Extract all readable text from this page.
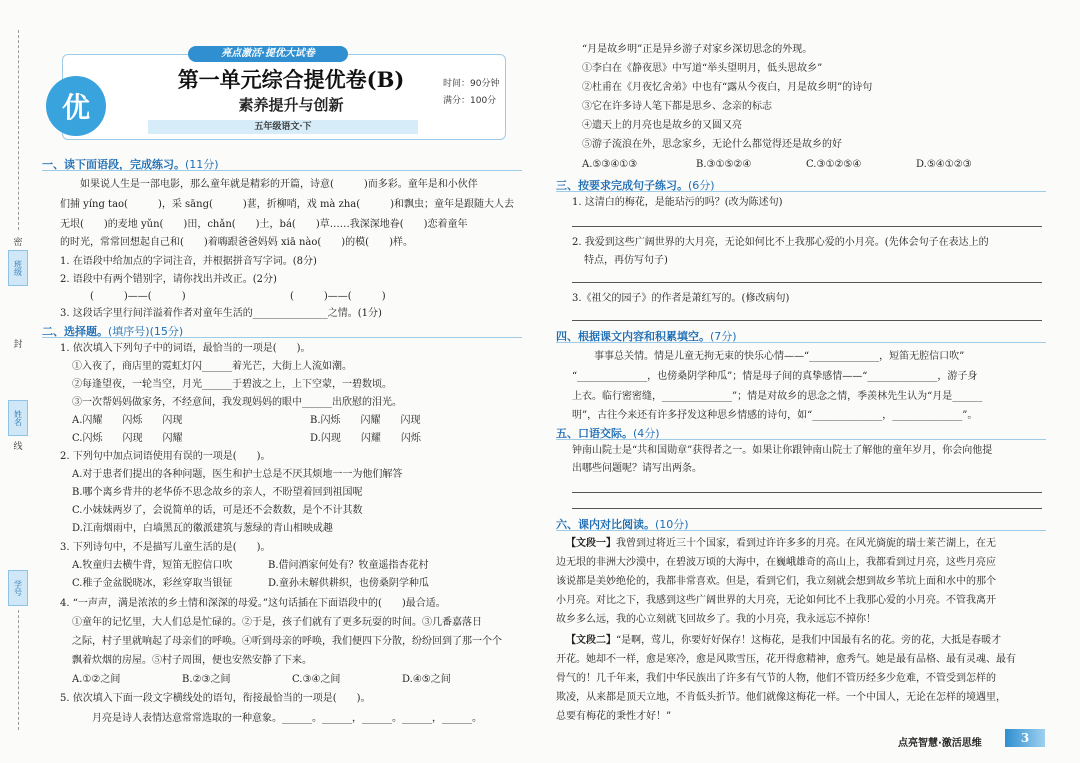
密
班级
封
姓名
线
学号
优
亮点激活·提优大试卷
第一单元综合提优卷(B)
素养提升与创新
五年级语文·下
时间：90分钟
满分：100分
一、读下面语段，完成练习。(11分)
如果说人生是一部电影，那么童年就是精彩的开篇，诗意(　　　)而多彩。童年是和小伙伴
们捕 yíng tao(　　　)，采 sāng(　　　)葚，折柳哨，戏 mà zha(　　　)和飘虫；童年是跟随大人去
无垠(　　)的麦地 yǔn(　　)田，chǎn(　　)土，bá(　　)草……我深深地眷(　　)恋着童年
的时光，常常回想起自己和(　　)着嗨跟爸爸妈妈 xiā nào(　　)的模(　　)样。
1. 在语段中给加点的字词注音，并根据拼音写字词。(8分)
2. 语段中有两个错别字，请你找出并改正。(2分)
(　　　)——(　　　)	(　　　)——(　　　)
3. 这段话字里行间洋溢着作者对童年生活的_______________之情。(1分)
二、选择题。(填序号)(15分)
1. 依次填入下列句子中的词语，最恰当的一项是(　　)。
①入夜了，商店里的霓虹灯闪______着光芒，大街上人流如潮。
②每逢望夜，一轮当空，月光______于碧波之上，上下空蒙，一碧数顷。
③一次帮妈妈做家务，不经意间，我发现妈妈的眼中______出欣慰的泪光。
A.闪耀　　闪烁　　闪现	B.闪烁　　闪耀　　闪现
C.闪烁　　闪现　　闪耀	D.闪现　　闪耀　　闪烁
2. 下列句中加点词语使用有误的一项是(　　)。
A.对于患者们提出的各种问题，医生和护士总是不厌其烦地一一为他们解答
B.哪个离乡背井的老华侨不思念故乡的亲人，不盼望着回到祖国呢
C.小妹妹两岁了，会说简单的话，可是还不会数数，是个不计其数
D.江南烟雨中，白墙黑瓦的徽派建筑与葱绿的青山相映成趣
3. 下列诗句中，不是描写儿童生活的是(　　)。
A.牧童归去横牛背，短笛无腔信口吹	B.借问酒家何处有？牧童遥指杏花村
C.稚子金盆脱晓冰，彩丝穿取当银钲	D.童孙未解供耕织，也傍桑阴学种瓜
4. “一声声，满是浓浓的乡土情和深深的母爱。”这句话插在下面语段中的(　　)最合适。
①童年的记忆里，大人们总是忙碌的。②于是，孩子们就有了更多玩耍的时间。③几番嘉落日
之际，村子里就响起了母亲们的呼唤。④听到母亲的呼唤，我们便四下分散，纷纷回到了那一个个
飘着炊烟的房屋。⑤村子周围，便也安然安静了下来。
A.①②之间	B.②③之间	C.③④之间	D.④⑤之间
5. 依次填入下面一段文字横线处的语句，衔接最恰当的一项是(　　)。
月亮是诗人表情达意常常选取的一种意象。______。______，______。______，______。
“月是故乡明”正是异乡游子对家乡深切思念的外现。
①李白在《静夜思》中写道“举头望明月，低头思故乡”
②杜甫在《月夜忆舍弟》中也有“露从今夜白，月是故乡明”的诗句
③它在许多诗人笔下都是思乡、念亲的标志
④遗天上的月亮也是故乡的又圆又亮
⑤游子流浪在外，思念家乡，无论什么都觉得还是故乡的好
A.⑤③④①③	B.③①⑤②④	C.③①②⑤④	D.⑤④①②③
三、按要求完成句子练习。(6分)
1. 这清白的梅花，是能玷污的吗？(改为陈述句)
2. 我爱到这些广阔世界的大月亮，无论如何比不上我那心爱的小月亮。(先体会句子在表达上的
特点，再仿写句子)
3.《祖父的园子》的作者是萧红写的。(修改病句)
四、根据课文内容和积累填空。(7分)
事事总关情。情是儿童无拘无束的快乐心情——“______________，短笛无腔信口吹”
“______________，也傍桑阴学种瓜”；情是母子间的真挚感情——“______________，游子身
上衣。临行密密缝，______________”；情是对故乡的思念之情，季羡林先生认为“月是______
明”，古往今来还有许多抒发这种思乡情感的诗句，如“______________，______________”。
五、口语交际。(4分)
钟南山院士是“共和国勋章”获得者之一。如果让你跟钟南山院士了解他的童年岁月，你会向他提
出哪些问题呢？请写出两条。
六、课内对比阅读。(10分)
【文段一】我曾到过将近三十个国家，看到过许许多多的月亮。在风光旖旎的瑞士莱芒湖上，在无
边无垠的非洲大沙漠中，在碧波万顷的大海中，在巍峨雄奇的高山上，我都看到过月亮，这些月亮应
该说都是美妙绝伦的，我都非常喜欢。但是，看到它们，我立刻就会想到故乡苇坑上面和水中的那个
小月亮。对比之下，我感到这些广阔世界的大月亮，无论如何比不上我那心爱的小月亮。不管我离开
故乡多么远，我的心立刻就飞回故乡了。我的小月亮，我永远忘不掉你！
【文段二】“是啊，莺儿，你要好好保存！这梅花，是我们中国最有名的花。旁的花，大抵是春暖才
开花。她却不一样，愈是寒冷，愈是风欺雪压，花开得愈精神，愈秀气。她是最有品格、最有灵魂、最有
骨气的！几千年来，我们中华民族出了许多有气节的人物，他们不管历经多少危难，不管受到怎样的
欺凌，从来都是顶天立地，不肯低头折节。他们就像这梅花一样。一个中国人，无论在怎样的境遇里，
总要有梅花的秉性才好！”
点亮智慧·激活思维	3
